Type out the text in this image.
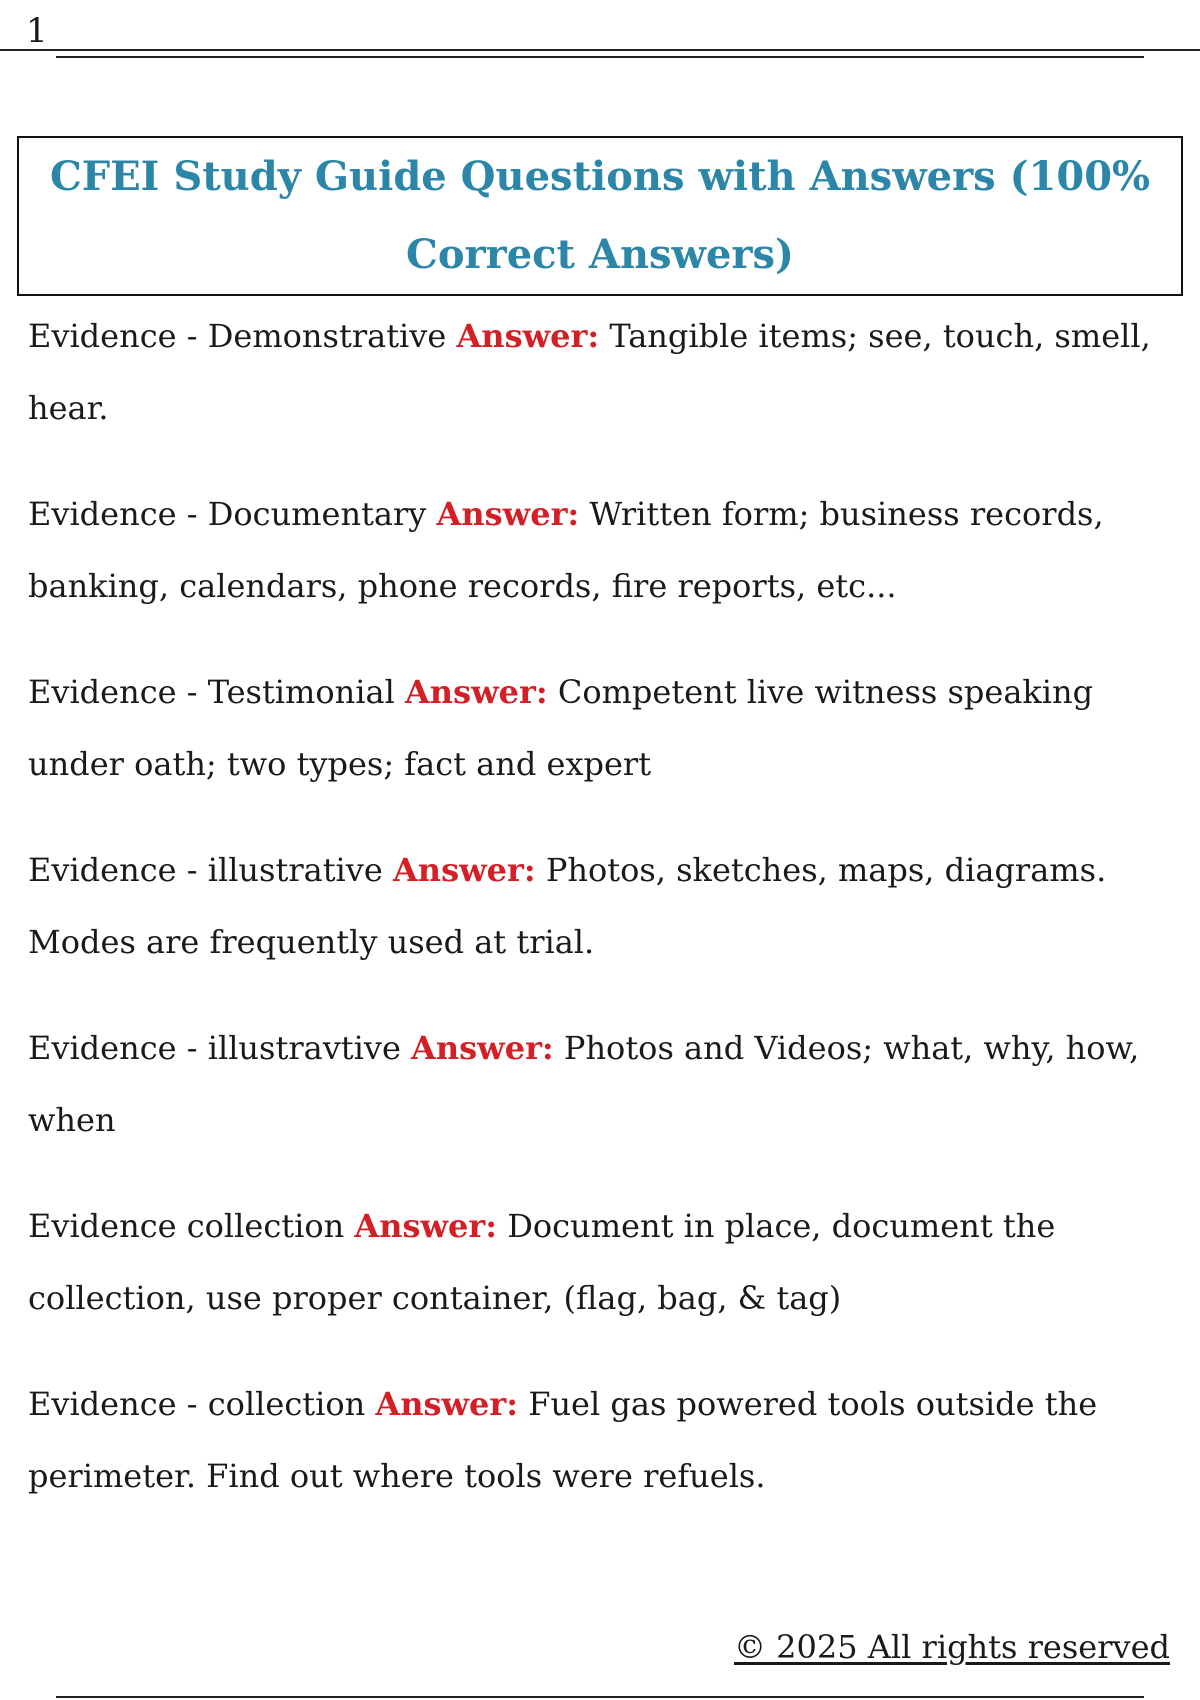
1
CFEI Study Guide Questions with Answers (100% Correct Answers)

Evidence - Demonstrative Answer: Tangible items; see, touch, smell, hear.

Evidence - Documentary Answer: Written form; business records, banking, calendars, phone records, fire reports, etc...

Evidence - Testimonial Answer: Competent live witness speaking under oath; two types; fact and expert

Evidence - illustrative Answer: Photos, sketches, maps, diagrams. Modes are frequently used at trial.

Evidence - illustravtive Answer: Photos and Videos; what, why, how, when

Evidence collection Answer: Document in place, document the collection, use proper container, (flag, bag, & tag)

Evidence - collection Answer: Fuel gas powered tools outside the perimeter. Find out where tools were refuels.

© 2025 All rights reserved
